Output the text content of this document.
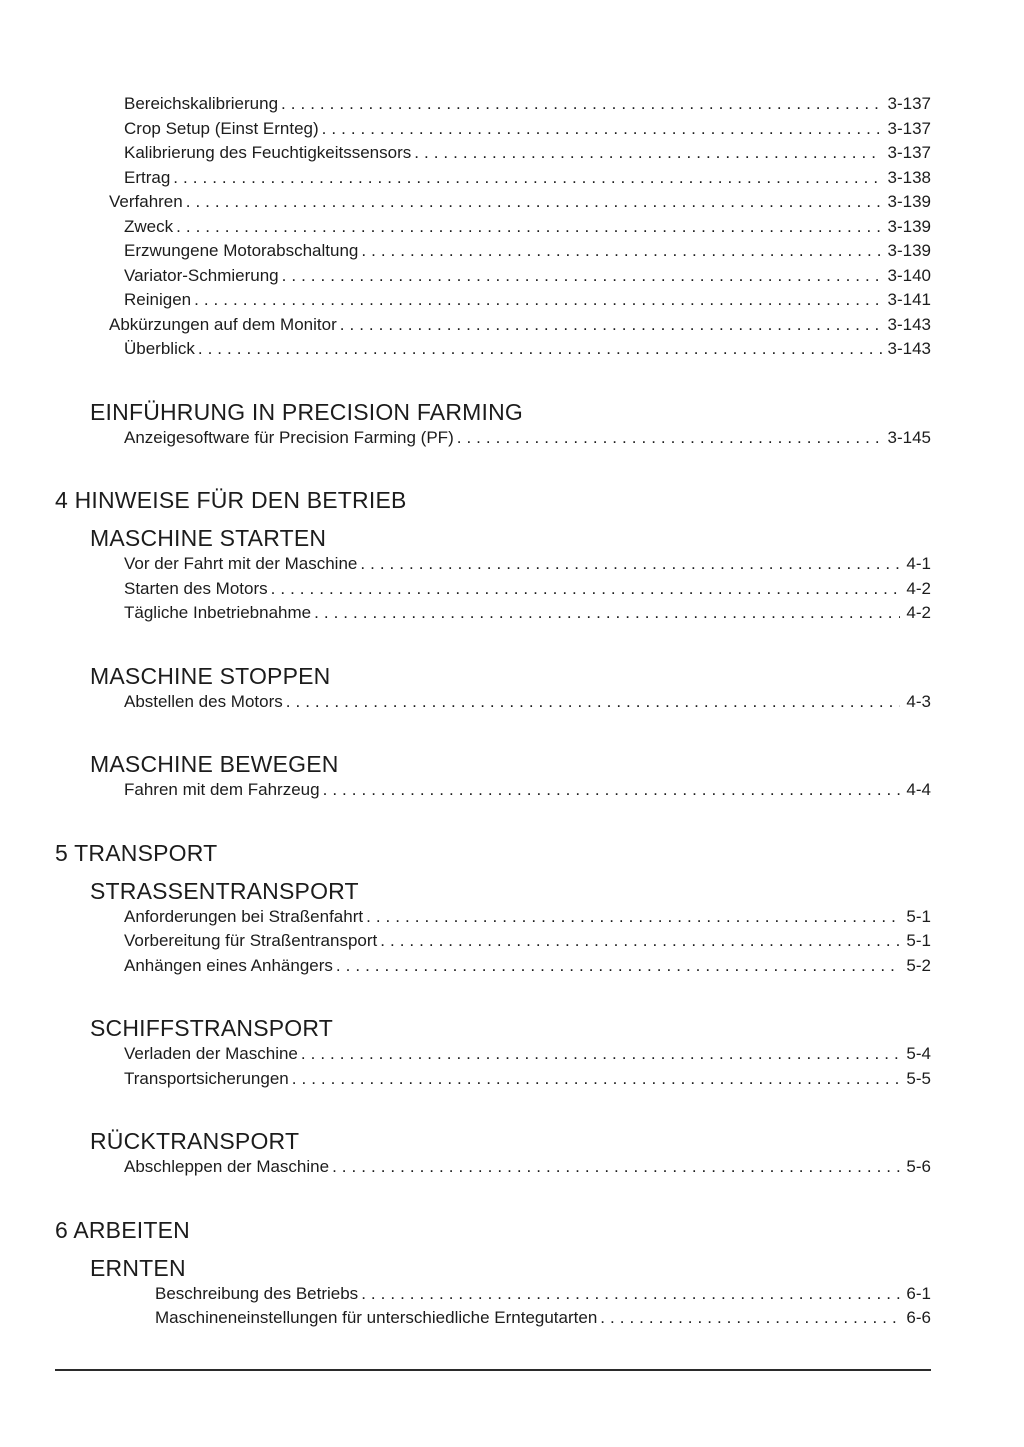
Bereichskalibrierung .....	3-137
Crop Setup (Einst Ernteg) .....	3-137
Kalibrierung des Feuchtigkeitssensors .....	3-137
Ertrag .....	3-138
Verfahren .....	3-139
Zweck .....	3-139
Erzwungene Motorabschaltung .....	3-139
Variator-Schmierung .....	3-140
Reinigen .....	3-141
Abkürzungen auf dem Monitor .....	3-143
Überblick .....	3-143
EINFÜHRUNG IN PRECISION FARMING
Anzeigesoftware für Precision Farming (PF) .....	3-145
4 HINWEISE FÜR DEN BETRIEB
MASCHINE STARTEN
Vor der Fahrt mit der Maschine .....	4-1
Starten des Motors .....	4-2
Tägliche Inbetriebnahme .....	4-2
MASCHINE STOPPEN
Abstellen des Motors .....	4-3
MASCHINE BEWEGEN
Fahren mit dem Fahrzeug .....	4-4
5 TRANSPORT
STRASSENTRANSPORT
Anforderungen bei Straßenfahrt .....	5-1
Vorbereitung für Straßentransport .....	5-1
Anhängen eines Anhängers .....	5-2
SCHIFFSTRANSPORT
Verladen der Maschine .....	5-4
Transportsicherungen .....	5-5
RÜCKTRANSPORT
Abschleppen der Maschine .....	5-6
6 ARBEITEN
ERNTEN
Beschreibung des Betriebs .....	6-1
Maschineneinstellungen für unterschiedliche Erntegutarten .....	6-6
